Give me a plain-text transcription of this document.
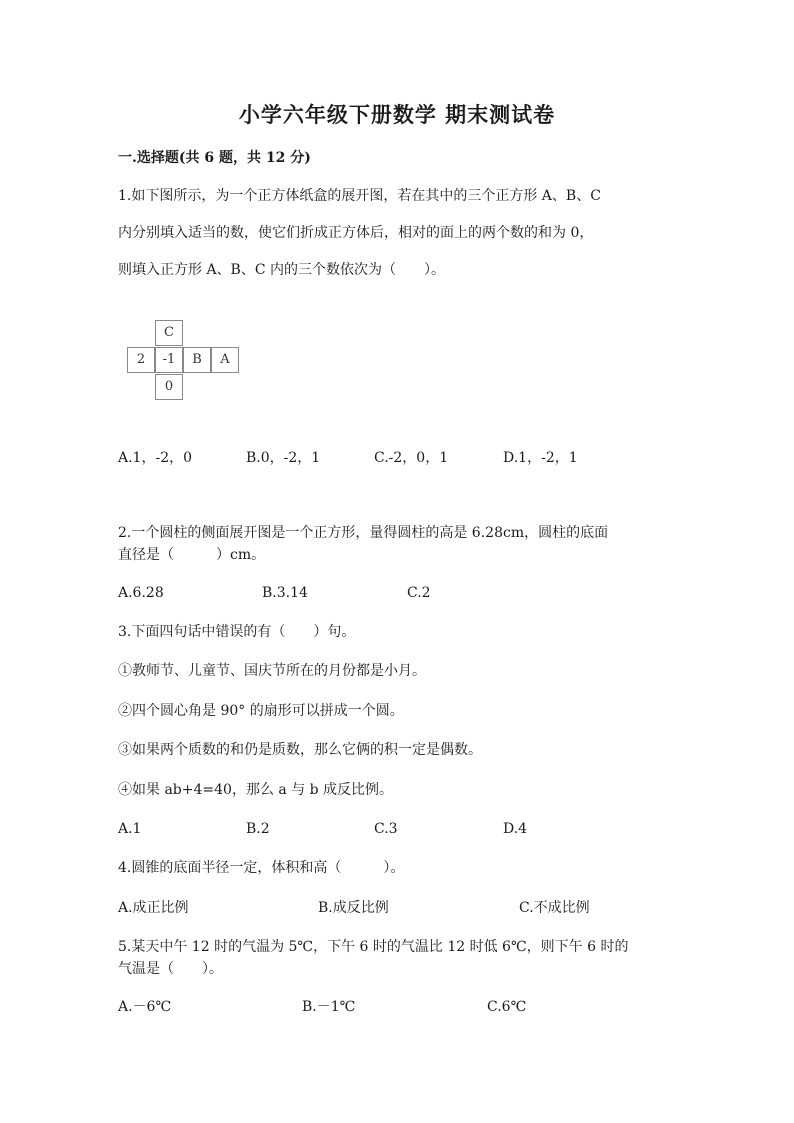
小学六年级下册数学 期末测试卷
一.选择题(共 6 题，共 12 分)
1.如下图所示，为一个正方体纸盒的展开图，若在其中的三个正方形 A、B、C
内分别填入适当的数，使它们折成正方体后，相对的面上的两个数的和为 0，
则填入正方形 A、B、C 内的三个数依次为（　　）。
C
2	-1	B	A
0
A.1，-2，0	B.0，-2，1	C.-2，0，1	D.1，-2，1
2.一个圆柱的侧面展开图是一个正方形，量得圆柱的高是 6.28cm，圆柱的底面
直径是（　　　）cm。
A.6.28	B.3.14	C.2
3.下面四句话中错误的有（　　）句。
①教师节、儿童节、国庆节所在的月份都是小月。
②四个圆心角是 90° 的扇形可以拼成一个圆。
③如果两个质数的和仍是质数，那么它俩的积一定是偶数。
④如果 ab+4=40，那么 a 与 b 成反比例。
A.1	B.2	C.3	D.4
4.圆锥的底面半径一定，体积和高（　　　）。
A.成正比例	B.成反比例	C.不成比例
5.某天中午 12 时的气温为 5℃，下午 6 时的气温比 12 时低 6℃，则下午 6 时的
气温是（　　）。
A.－6℃	B.－1℃	C.6℃
